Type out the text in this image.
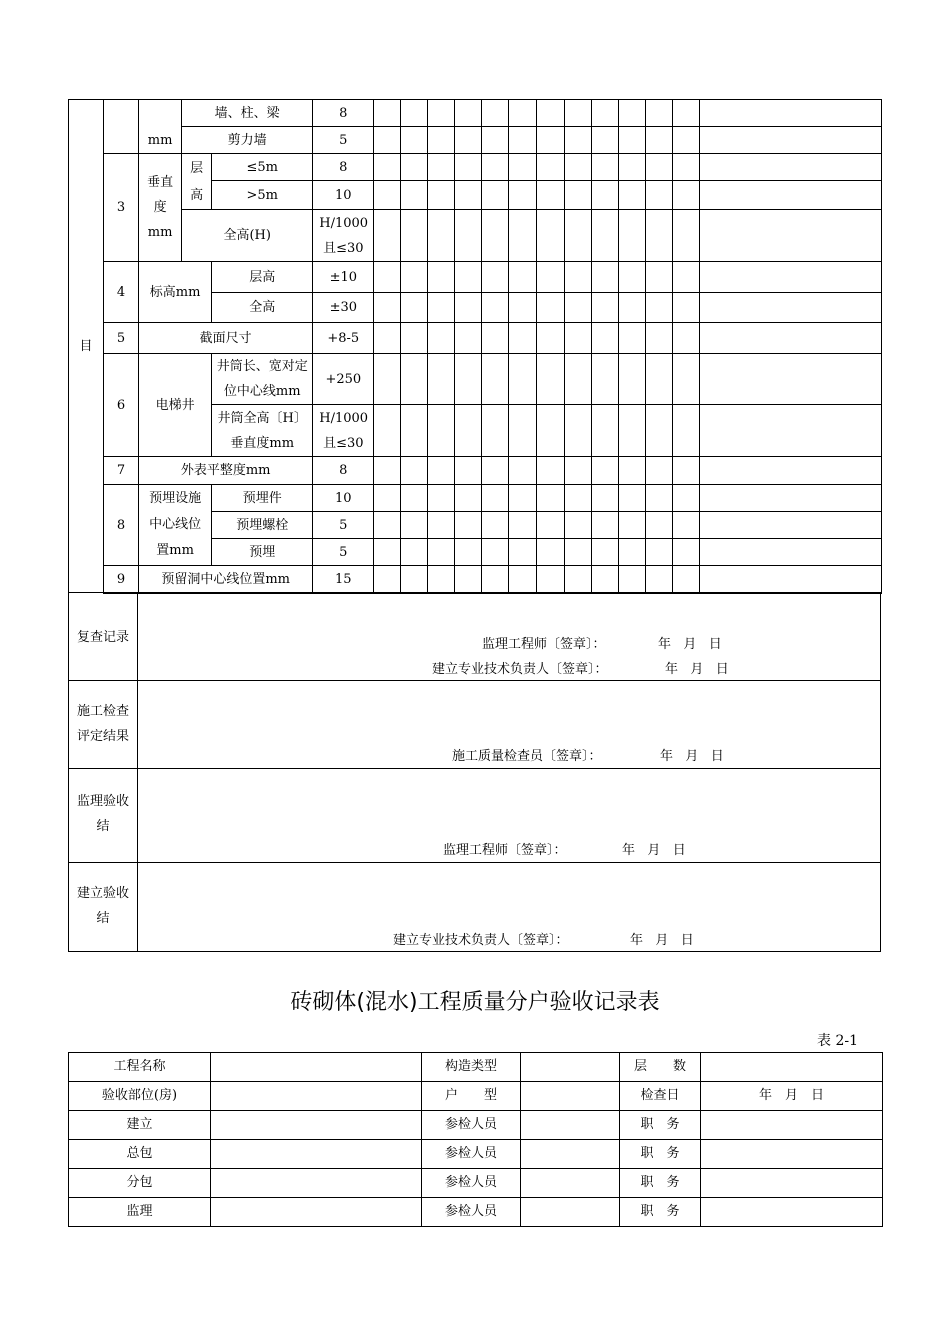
目		mm	墙、柱、梁		8													
			剪力墙		5													
	3	垂直度mm	层高	≤5m	8													
				>5m	10													
			全高(H)		H/1000且≤30													
	4	标高mm		层高	±10													
				全高	±30													
	5	截面尺寸			+8-5													
	6	电梯井		井筒长、宽对定位中心线mm	+250													
				井筒全高〔H〕垂直度mm	H/1000且≤30													
	7	外表平整度mm			8													
	8	预埋设施中心线位置mm		预埋件	10													
				预埋螺栓	5													
				预埋	5													
	9	预留洞中心线位置mm			15													
复查记录	监理工程师〔签章〕：	年   月   日
建立专业技术负责人〔签章〕：	年   月   日
施工检查评定结果
施工质量检查员〔签章〕：	年   月   日
监理验收结
监理工程师〔签章〕：	年   月   日
建立验收结
建立专业技术负责人〔签章〕：	年   月   日
砖砌体(混水)工程质量分户验收记录表
表 2-1
工程名称		构造类型		层　　数	
验收部位(房)		户　　型		检查日	年　月　日
建立		参检人员		职　务	
总包		参检人员		职　务	
分包		参检人员		职　务	
监理		参检人员		职　务	
